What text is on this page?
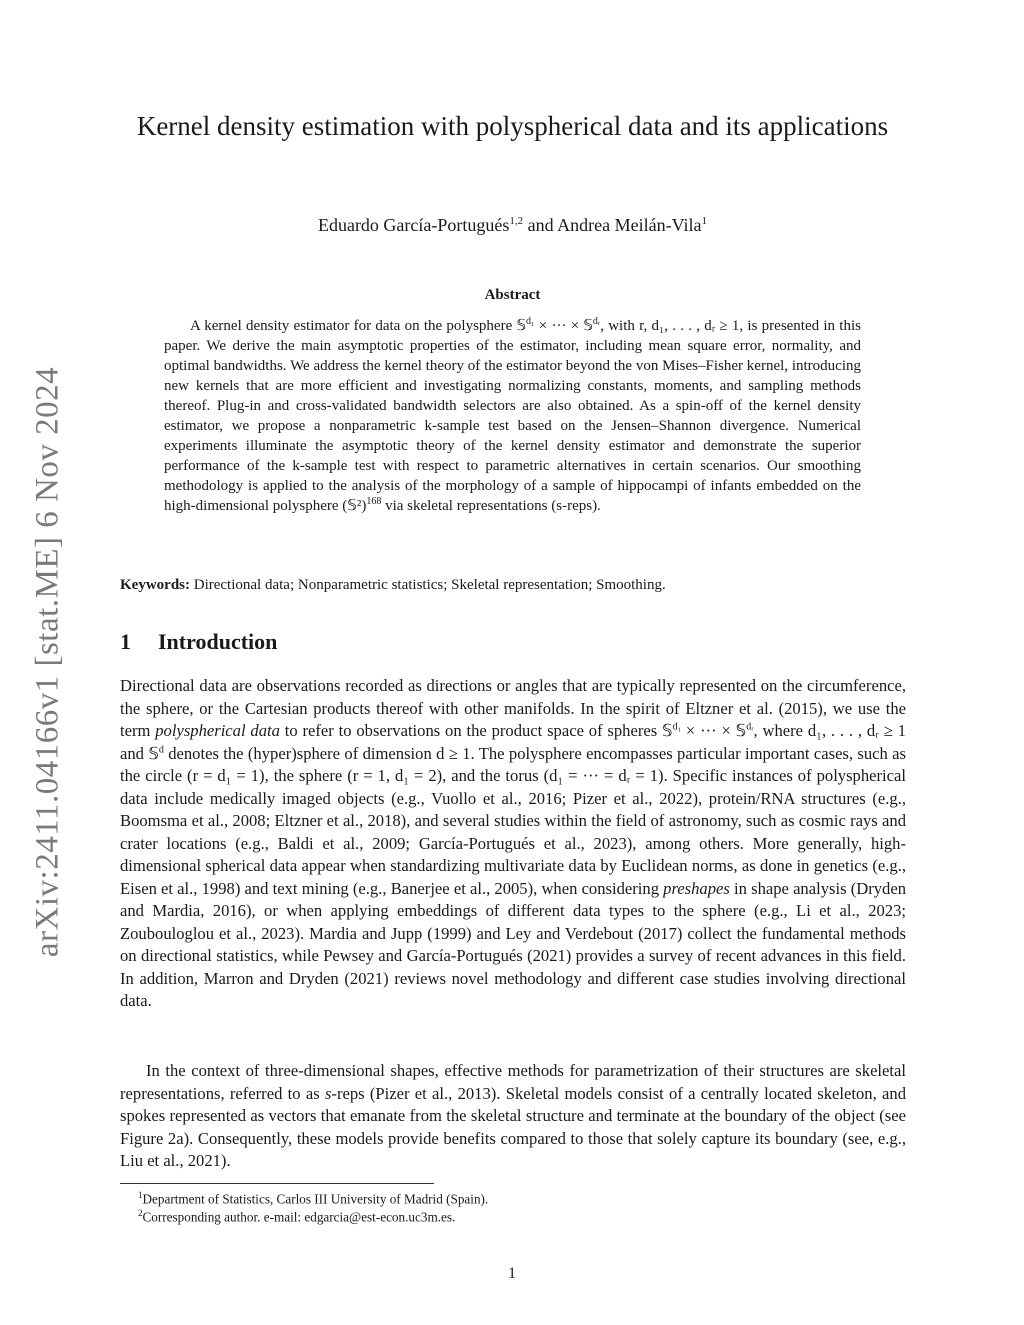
arXiv:2411.04166v1 [stat.ME] 6 Nov 2024
Kernel density estimation with polyspherical data and its applications
Eduardo García-Portugués$^{1,2}$ and Andrea Meilán-Vila$^1$
Abstract

A kernel density estimator for data on the polysphere 𝕊$^{d_1}$ × ··· × 𝕊$^{dᵣ}$, with r, d₁, . . . , dᵣ ≥ 1, is presented in this paper. We derive the main asymptotic properties of the estimator, including mean square error, normality, and optimal bandwidths. We address the kernel theory of the estimator beyond the von Mises–Fisher kernel, introducing new kernels that are more efficient and investigating normalizing constants, moments, and sampling methods thereof. Plug-in and cross-validated bandwidth selectors are also obtained. As a spin-off of the kernel density estimator, we propose a nonparametric k-sample test based on the Jensen–Shannon divergence. Numerical experiments illuminate the asymptotic theory of the kernel density estimator and demonstrate the superior performance of the k-sample test with respect to parametric alternatives in certain scenarios. Our smoothing methodology is applied to the analysis of the morphology of a sample of hippocampi of infants embedded on the high-dimensional polysphere (𝕊²)$^{168}$ via skeletal representations (s-reps).

Keywords: Directional data; Nonparametric statistics; Skeletal representation; Smoothing.
1 Introduction

Directional data are observations recorded as directions or angles that are typically represented on the circumference, the sphere, or the Cartesian products thereof with other manifolds. In the spirit of Eltzner et al. (2015), we use the term polyspherical data to refer to observations on the product space of spheres 𝕊$^{d_1}$ × ··· × 𝕊$^{dᵣ}$, where d₁, . . . , dᵣ ≥ 1 and 𝕊$^d$ denotes the (hyper)sphere of dimension d ≥ 1. The polysphere encompasses particular important cases, such as the circle (r = d₁ = 1), the sphere (r = 1, d₁ = 2), and the torus (d₁ = ··· = dᵣ = 1). Specific instances of polyspherical data include medically imaged objects (e.g., Vuollo et al., 2016; Pizer et al., 2022), protein/RNA structures (e.g., Boomsma et al., 2008; Eltzner et al., 2018), and several studies within the field of astronomy, such as cosmic rays and crater locations (e.g., Baldi et al., 2009; García-Portugués et al., 2023), among others. More generally, high-dimensional spherical data appear when standardizing multivariate data by Euclidean norms, as done in genetics (e.g., Eisen et al., 1998) and text mining (e.g., Banerjee et al., 2005), when considering preshapes in shape analysis (Dryden and Mardia, 2016), or when applying embeddings of different data types to the sphere (e.g., Li et al., 2023; Zoubouloglou et al., 2023). Mardia and Jupp (1999) and Ley and Verdebout (2017) collect the fundamental methods on directional statistics, while Pewsey and García-Portugués (2021) provides a survey of recent advances in this field. In addition, Marron and Dryden (2021) reviews novel methodology and different case studies involving directional data.

In the context of three-dimensional shapes, effective methods for parametrization of their structures are skeletal representations, referred to as s-reps (Pizer et al., 2013). Skeletal models consist of a centrally located skeleton, and spokes represented as vectors that emanate from the skeletal structure and terminate at the boundary of the object (see Figure 2a). Consequently, these models provide benefits compared to those that solely capture its boundary (see, e.g., Liu et al., 2021).

$^1$Department of Statistics, Carlos III University of Madrid (Spain).
$^2$Corresponding author. e-mail: edgarcia@est-econ.uc3m.es.
1
